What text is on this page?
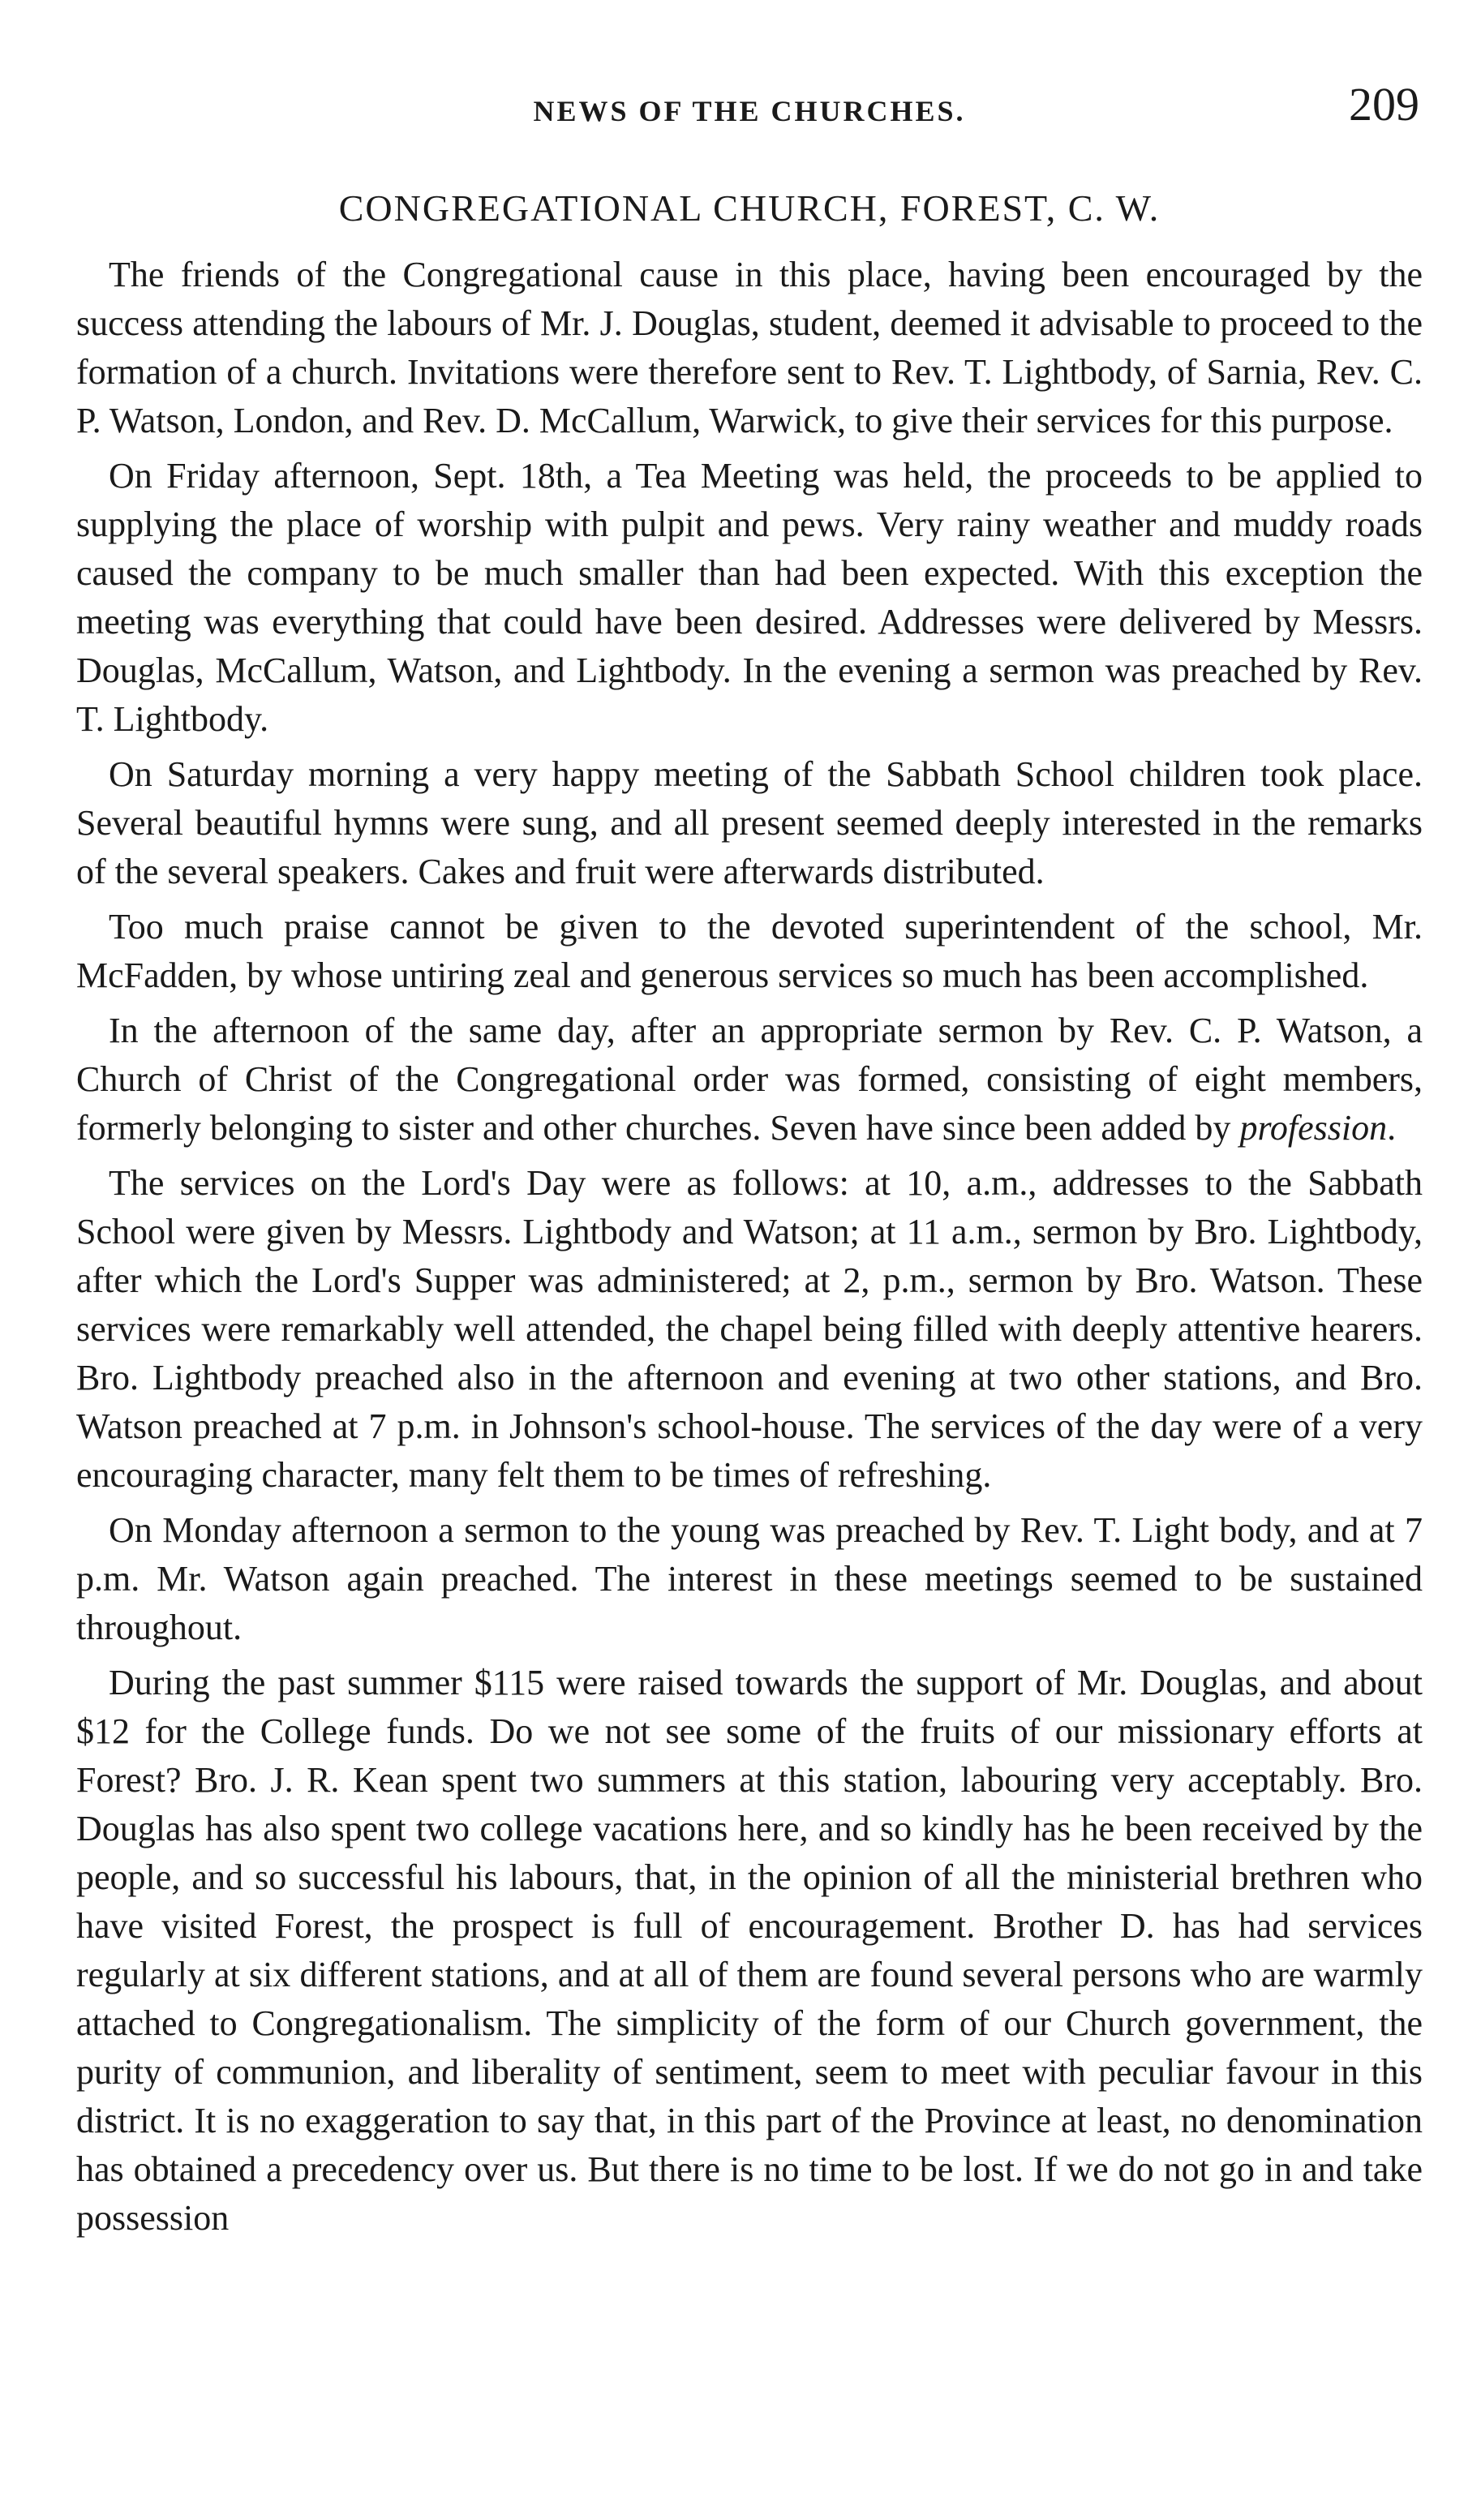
NEWS OF THE CHURCHES.	209
CONGREGATIONAL CHURCH, FOREST, C. W.

The friends of the Congregational cause in this place, having been encouraged by the success attending the labours of Mr. J. Douglas, student, deemed it advisable to proceed to the formation of a church. Invitations were therefore sent to Rev. T. Lightbody, of Sarnia, Rev. C. P. Watson, London, and Rev. D. McCallum, Warwick, to give their services for this purpose.

On Friday afternoon, Sept. 18th, a Tea Meeting was held, the proceeds to be applied to supplying the place of worship with pulpit and pews. Very rainy weather and muddy roads caused the company to be much smaller than had been expected. With this exception the meeting was everything that could have been desired. Addresses were delivered by Messrs. Douglas, McCallum, Watson, and Lightbody. In the evening a sermon was preached by Rev. T. Lightbody.

On Saturday morning a very happy meeting of the Sabbath School children took place. Several beautiful hymns were sung, and all present seemed deeply interested in the remarks of the several speakers. Cakes and fruit were afterwards distributed.

Too much praise cannot be given to the devoted superintendent of the school, Mr. McFadden, by whose untiring zeal and generous services so much has been accomplished.

In the afternoon of the same day, after an appropriate sermon by Rev. C. P. Watson, a Church of Christ of the Congregational order was formed, consisting of eight members, formerly belonging to sister and other churches. Seven have since been added by profession.

The services on the Lord's Day were as follows: at 10, a.m., addresses to the Sabbath School were given by Messrs. Lightbody and Watson; at 11 a.m., sermon by Bro. Lightbody, after which the Lord's Supper was administered; at 2, p.m., sermon by Bro. Watson. These services were remarkably well attended, the chapel being filled with deeply attentive hearers. Bro. Lightbody preached also in the afternoon and evening at two other stations, and Bro. Watson preached at 7 p.m. in Johnson's school-house. The services of the day were of a very encouraging character, many felt them to be times of refreshing.

On Monday afternoon a sermon to the young was preached by Rev. T. Light body, and at 7 p.m. Mr. Watson again preached. The interest in these meetings seemed to be sustained throughout.

During the past summer $115 were raised towards the support of Mr. Douglas, and about $12 for the College funds. Do we not see some of the fruits of our missionary efforts at Forest? Bro. J. R. Kean spent two summers at this station, labouring very acceptably. Bro. Douglas has also spent two college vacations here, and so kindly has he been received by the people, and so successful his labours, that, in the opinion of all the ministerial brethren who have visited Forest, the prospect is full of encouragement. Brother D. has had services regularly at six different stations, and at all of them are found several persons who are warmly attached to Congregationalism. The simplicity of the form of our Church government, the purity of communion, and liberality of sentiment, seem to meet with peculiar favour in this district. It is no exaggeration to say that, in this part of the Province at least, no denomination has obtained a precedency over us. But there is no time to be lost. If we do not go in and take possession
